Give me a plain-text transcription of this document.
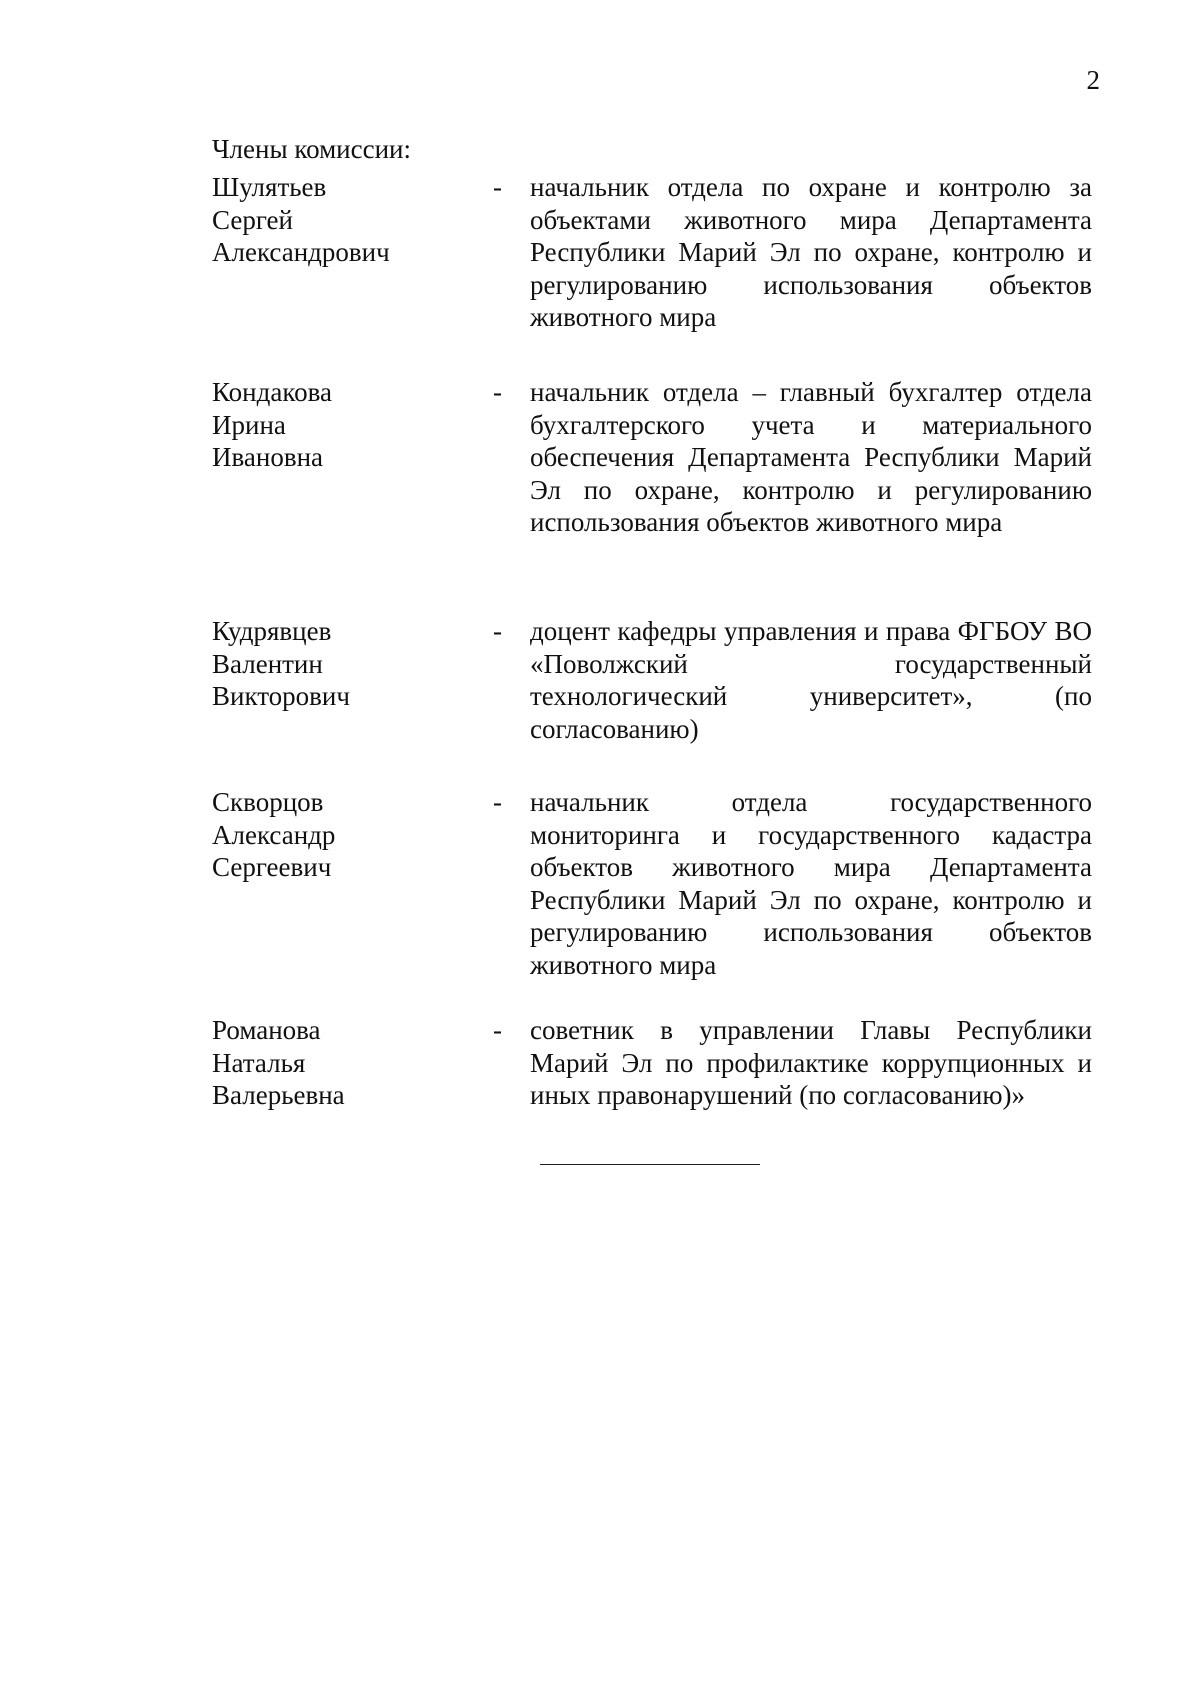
2
Члены комиссии:
Шулятьев
Сергей
Александрович
- начальник отдела по охране и контролю за объектами животного мира Департамента Республики Марий Эл по охране, контролю и регулированию использования объектов животного мира
Кондакова
Ирина
Ивановна
- начальник отдела – главный бухгалтер отдела бухгалтерского учета и материального обеспечения Департамента Республики Марий Эл по охране, контролю и регулированию использования объектов животного мира
Кудрявцев
Валентин
Викторович
- доцент кафедры управления и права ФГБОУ ВО «Поволжский государственный технологический университет», (по согласованию)
Скворцов
Александр
Сергеевич
- начальник отдела государственного мониторинга и государственного кадастра объектов животного мира Департамента Республики Марий Эл по охране, контролю и регулированию использования объектов животного мира
Романова
Наталья
Валерьевна
- советник в управлении Главы Республики Марий Эл по профилактике коррупционных и иных правонарушений (по согласованию)»
